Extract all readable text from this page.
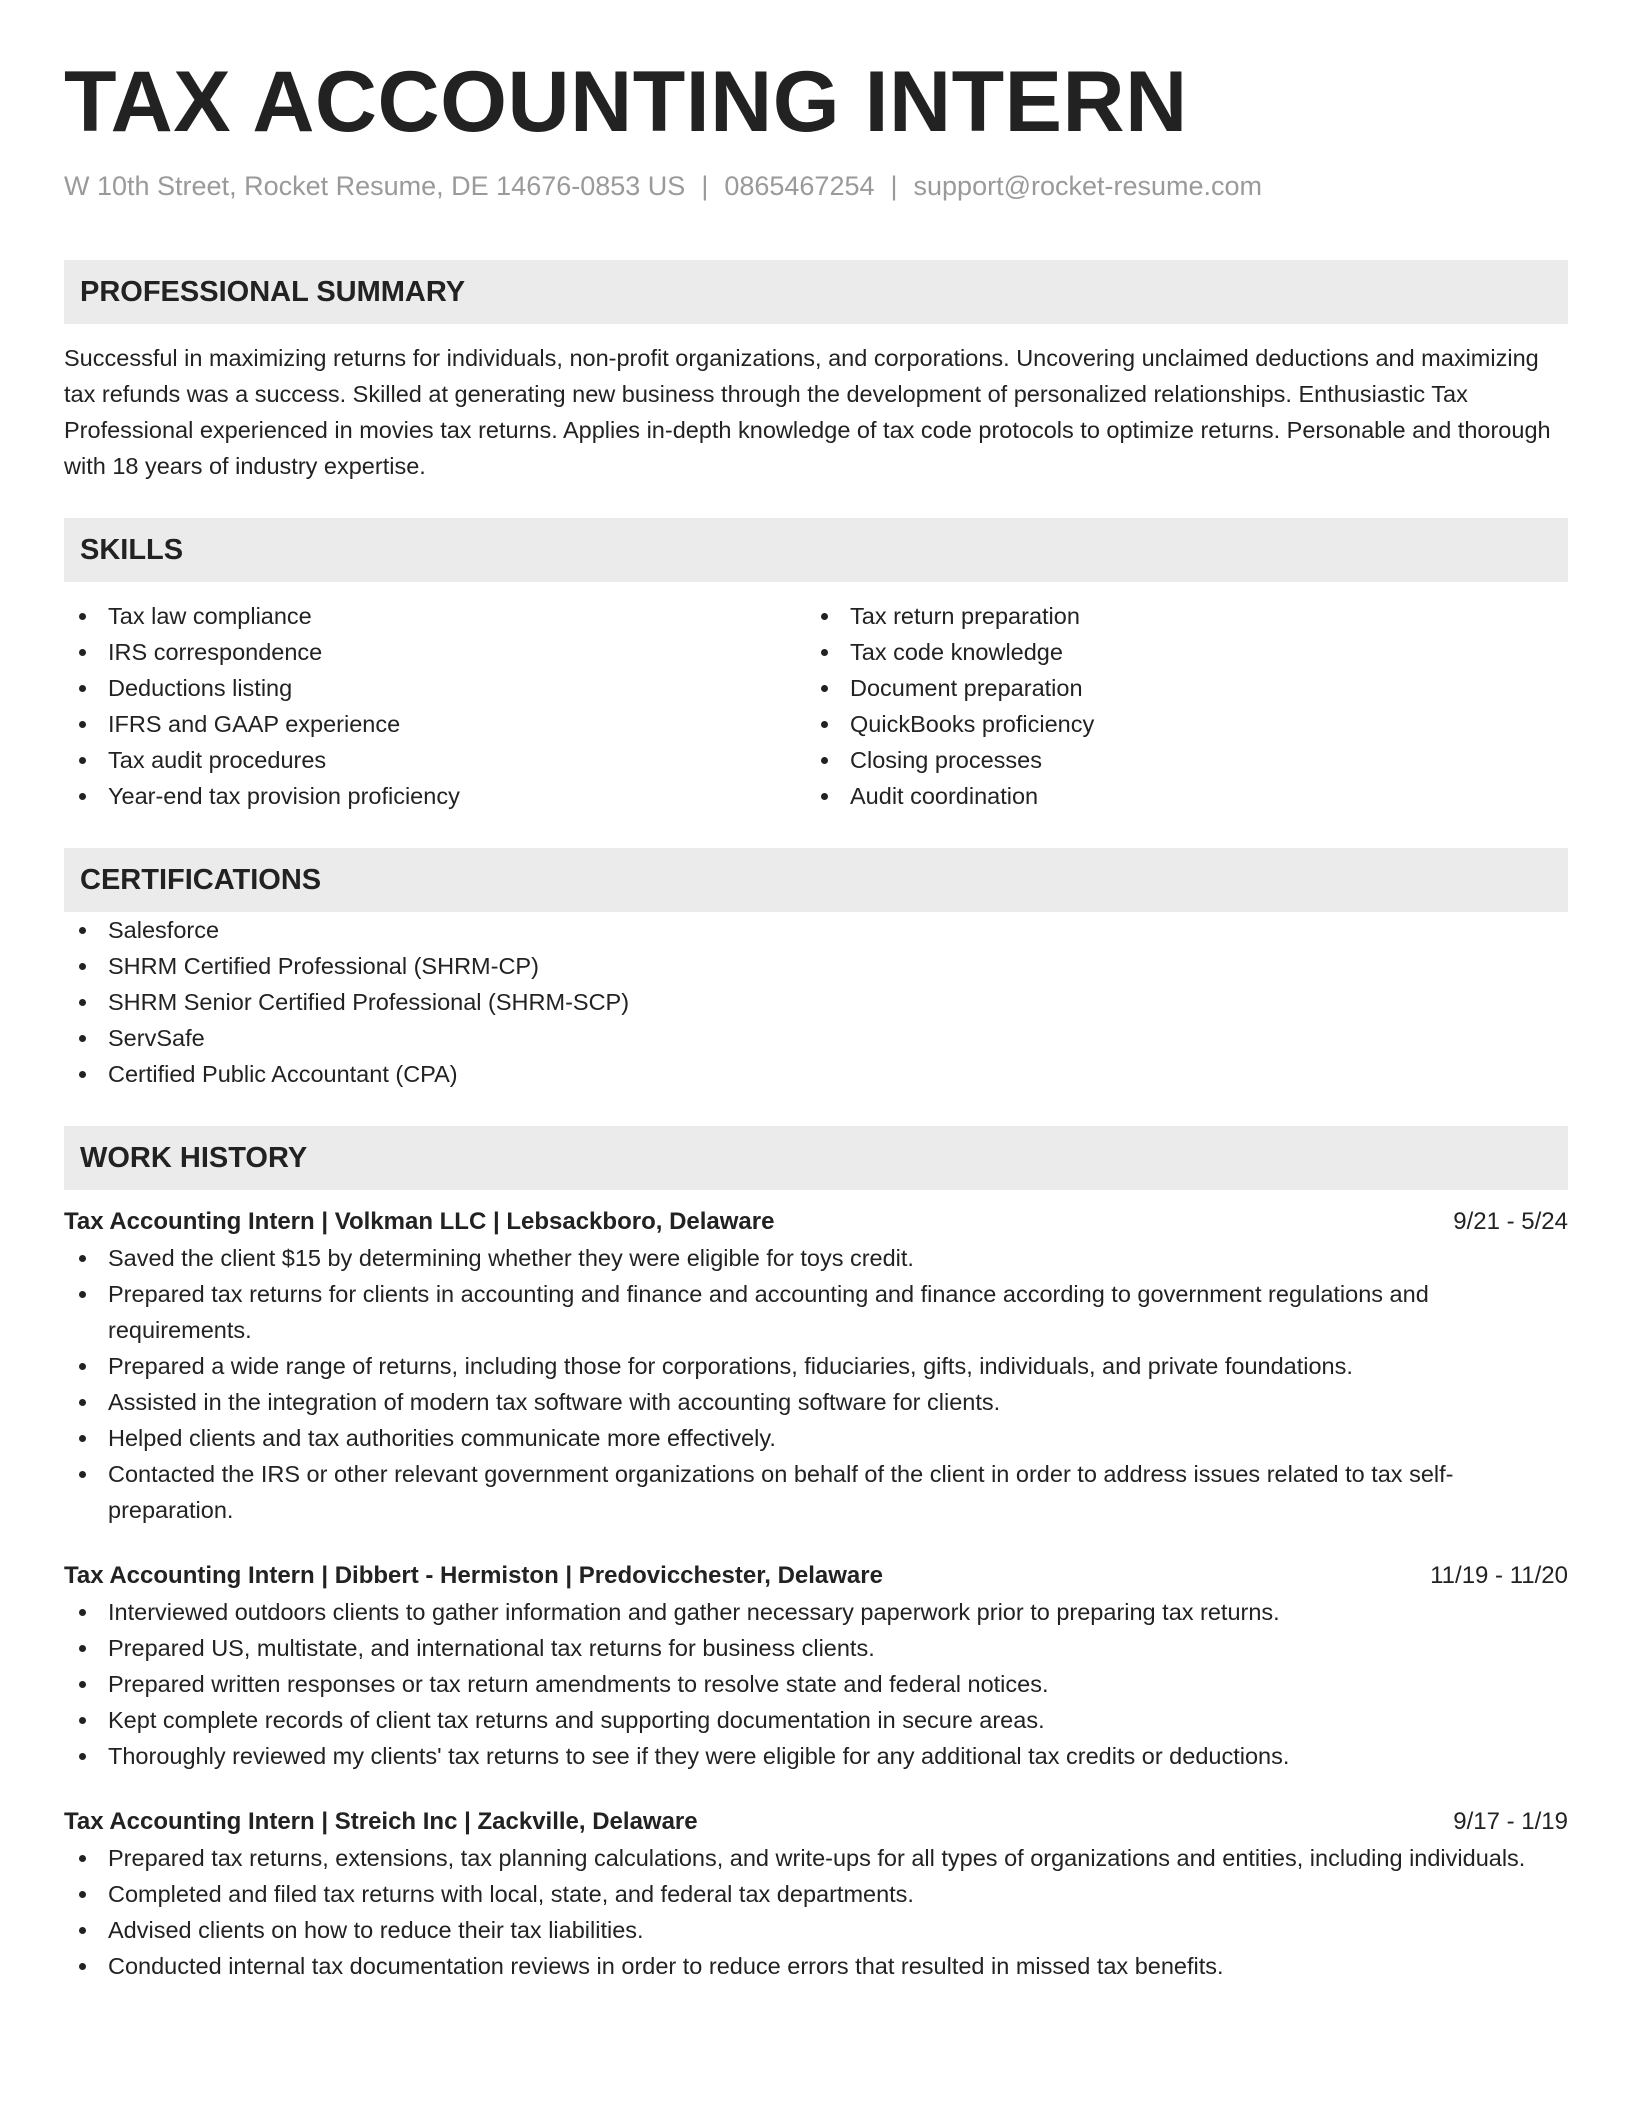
TAX ACCOUNTING INTERN
W 10th Street, Rocket Resume, DE 14676-0853 US | 0865467254 | support@rocket-resume.com
PROFESSIONAL SUMMARY
Successful in maximizing returns for individuals, non-profit organizations, and corporations. Uncovering unclaimed deductions and maximizing tax refunds was a success. Skilled at generating new business through the development of personalized relationships. Enthusiastic Tax Professional experienced in movies tax returns. Applies in-depth knowledge of tax code protocols to optimize returns. Personable and thorough with 18 years of industry expertise.
SKILLS
Tax law compliance
IRS correspondence
Deductions listing
IFRS and GAAP experience
Tax audit procedures
Year-end tax provision proficiency
Tax return preparation
Tax code knowledge
Document preparation
QuickBooks proficiency
Closing processes
Audit coordination
CERTIFICATIONS
Salesforce
SHRM Certified Professional (SHRM-CP)
SHRM Senior Certified Professional (SHRM-SCP)
ServSafe
Certified Public Accountant (CPA)
WORK HISTORY
Tax Accounting Intern | Volkman LLC | Lebsackboro, Delaware	9/21 - 5/24
Saved the client $15 by determining whether they were eligible for toys credit.
Prepared tax returns for clients in accounting and finance and accounting and finance according to government regulations and requirements.
Prepared a wide range of returns, including those for corporations, fiduciaries, gifts, individuals, and private foundations.
Assisted in the integration of modern tax software with accounting software for clients.
Helped clients and tax authorities communicate more effectively.
Contacted the IRS or other relevant government organizations on behalf of the client in order to address issues related to tax self-preparation.
Tax Accounting Intern | Dibbert - Hermiston | Predovicchester, Delaware	11/19 - 11/20
Interviewed outdoors clients to gather information and gather necessary paperwork prior to preparing tax returns.
Prepared US, multistate, and international tax returns for business clients.
Prepared written responses or tax return amendments to resolve state and federal notices.
Kept complete records of client tax returns and supporting documentation in secure areas.
Thoroughly reviewed my clients' tax returns to see if they were eligible for any additional tax credits or deductions.
Tax Accounting Intern | Streich Inc | Zackville, Delaware	9/17 - 1/19
Prepared tax returns, extensions, tax planning calculations, and write-ups for all types of organizations and entities, including individuals.
Completed and filed tax returns with local, state, and federal tax departments.
Advised clients on how to reduce their tax liabilities.
Conducted internal tax documentation reviews in order to reduce errors that resulted in missed tax benefits.
